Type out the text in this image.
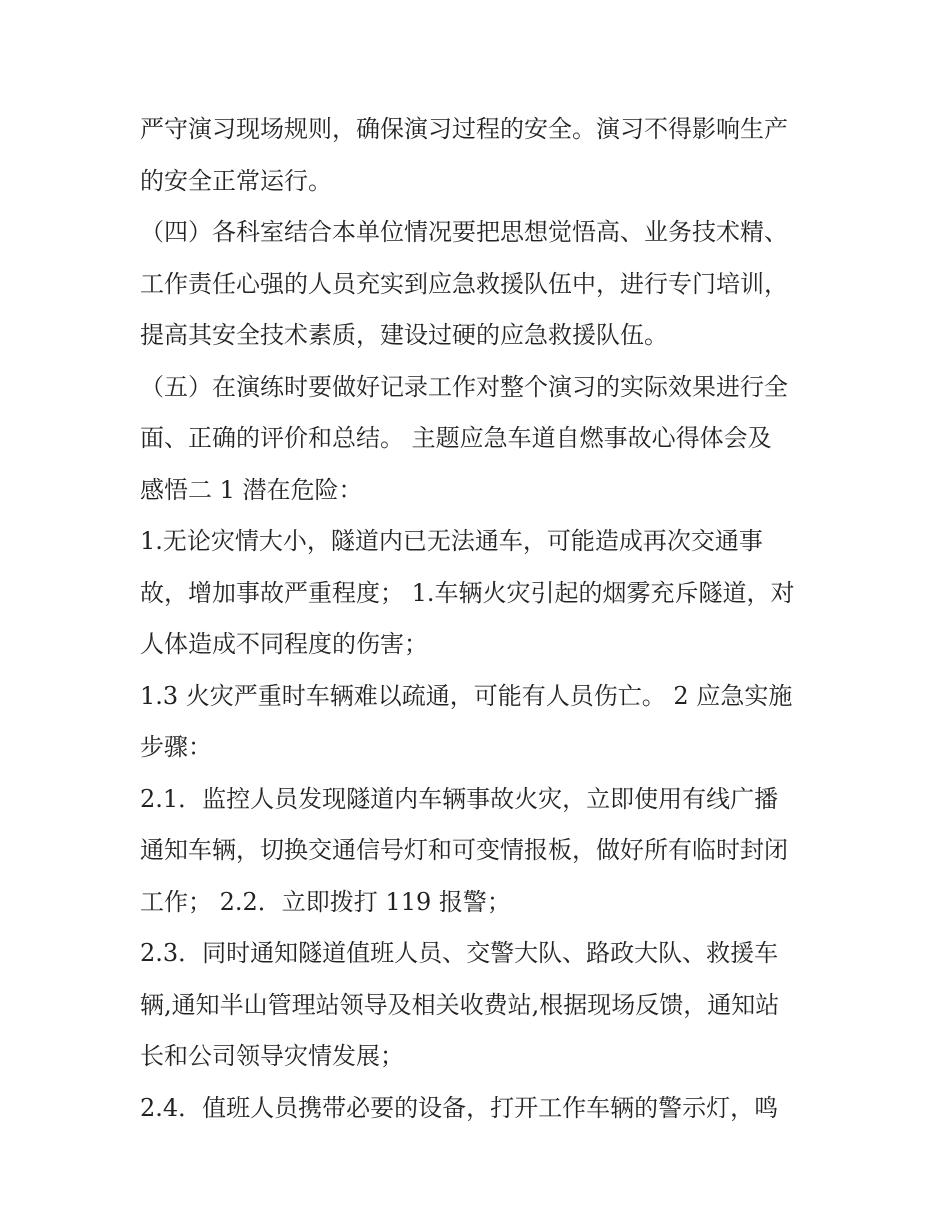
严守演习现场规则，确保演习过程的安全。演习不得影响生产
的安全正常运行。
（四）各科室结合本单位情况要把思想觉悟高、业务技术精、
工作责任心强的人员充实到应急救援队伍中，进行专门培训，
提高其安全技术素质，建设过硬的应急救援队伍。
（五）在演练时要做好记录工作对整个演习的实际效果进行全
面、正确的评价和总结。 主题应急车道自燃事故心得体会及
感悟二 1 潜在危险：
1.无论灾情大小，隧道内已无法通车，可能造成再次交通事
故，增加事故严重程度； 1.车辆火灾引起的烟雾充斥隧道，对
人体造成不同程度的伤害；
1.3 火灾严重时车辆难以疏通，可能有人员伤亡。 2 应急实施
步骤：
2.1．监控人员发现隧道内车辆事故火灾，立即使用有线广播
通知车辆，切换交通信号灯和可变情报板，做好所有临时封闭
工作； 2.2．立即拨打 119 报警；
2.3．同时通知隧道值班人员、交警大队、路政大队、救援车
辆,通知半山管理站领导及相关收费站,根据现场反馈，通知站
长和公司领导灾情发展；
2.4．值班人员携带必要的设备，打开工作车辆的警示灯，鸣
